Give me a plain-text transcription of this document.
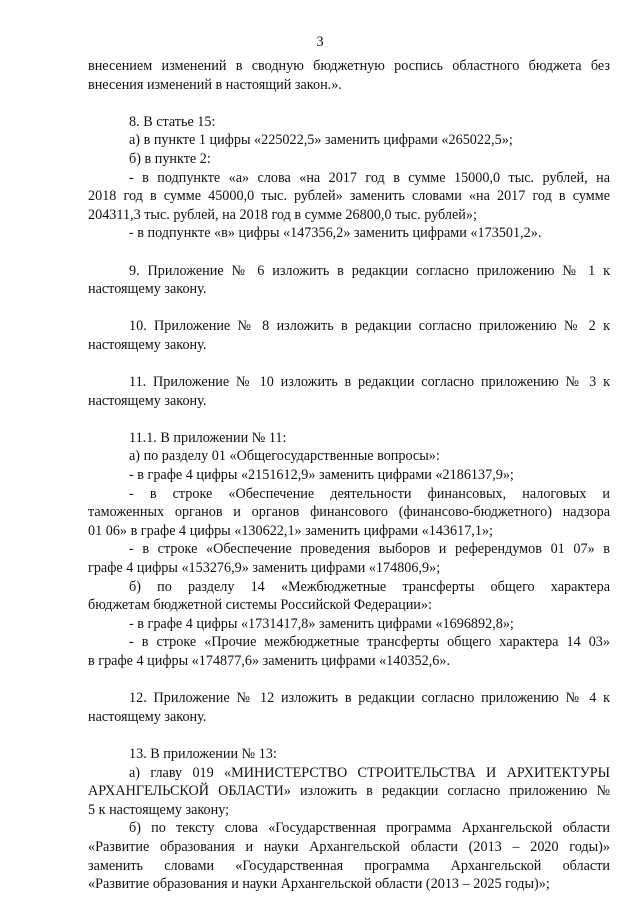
3

внесением изменений в сводную бюджетную роспись областного бюджета без

внесения изменений в настоящий закон.».

8. В статье 15:

а) в пункте 1 цифры «225022,5» заменить цифрами «265022,5»;

б) в пункте 2:

- в подпункте «а» слова «на 2017 год в сумме 15000,0 тыс. рублей, на

2018 год в сумме 45000,0 тыс. рублей» заменить словами «на 2017 год в сумме

204311,3 тыс. рублей, на 2018 год в сумме 26800,0 тыс. рублей»;

- в подпункте «в» цифры «147356,2» заменить цифрами «173501,2».

9. Приложение № 6 изложить в редакции согласно приложению № 1 к

настоящему закону.

10. Приложение № 8 изложить в редакции согласно приложению № 2 к

настоящему закону.

11. Приложение № 10 изложить в редакции согласно приложению № 3 к

настоящему закону.

11.1. В приложении № 11:

а) по разделу 01 «Общегосударственные вопросы»:

- в графе 4 цифры «2151612,9» заменить цифрами «2186137,9»;

- в строке «Обеспечение деятельности финансовых, налоговых и

таможенных органов и органов финансового (финансово-бюджетного) надзора

01 06» в графе 4 цифры «130622,1» заменить цифрами «143617,1»;

- в строке «Обеспечение проведения выборов и референдумов 01 07» в

графе 4 цифры «153276,9» заменить цифрами «174806,9»;

б) по разделу 14 «Межбюджетные трансферты общего характера

бюджетам бюджетной системы Российской Федерации»:

- в графе 4 цифры «1731417,8» заменить цифрами «1696892,8»;

- в строке «Прочие межбюджетные трансферты общего характера 14 03»

в графе 4 цифры «174877,6» заменить цифрами «140352,6».

12. Приложение № 12 изложить в редакции согласно приложению № 4 к

настоящему закону.

13. В приложении № 13:

а) главу 019 «МИНИСТЕРСТВО СТРОИТЕЛЬСТВА И АРХИТЕКТУРЫ

АРХАНГЕЛЬСКОЙ ОБЛАСТИ» изложить в редакции согласно приложению №

5 к настоящему закону;

б) по тексту слова «Государственная программа Архангельской области

«Развитие образования и науки Архангельской области (2013 – 2020 годы)»

заменить словами «Государственная программа Архангельской области

«Развитие образования и науки Архангельской области (2013 – 2025 годы)»;
